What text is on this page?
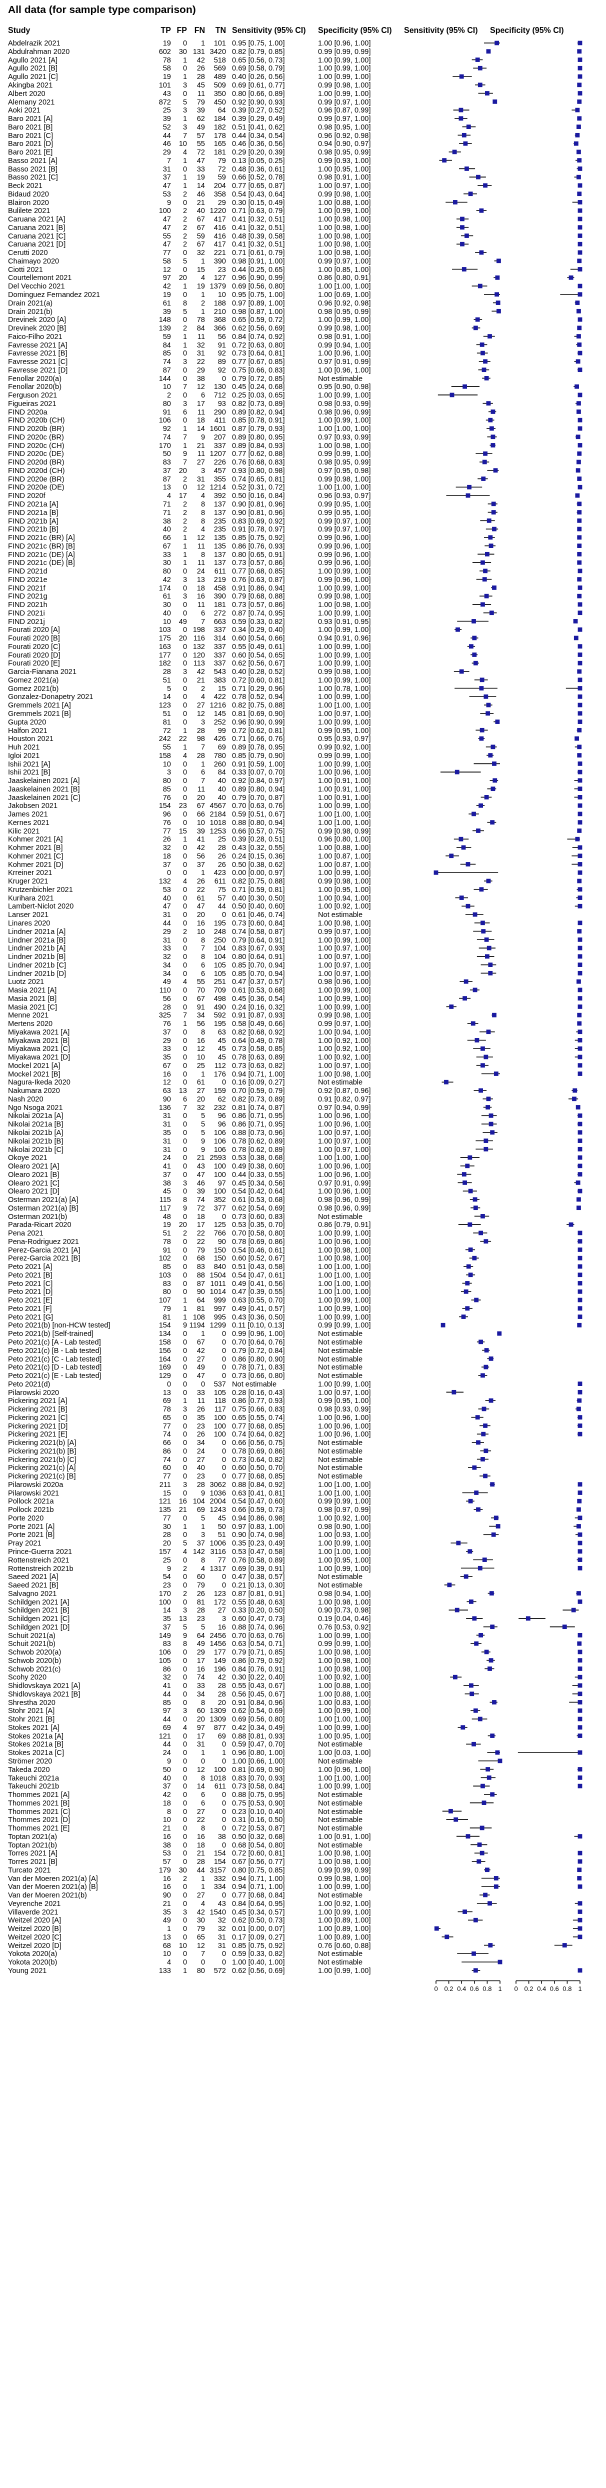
All data (for sample type comparison)
Study	TP FP FN TN Sensitivity (95% CI) Specificity (95% CI) Sensitivity (95% CI) Specificity (95% CI)
Abdelrazik 2021	19 0 1 101 0.95 [0.75, 1.00]	1.00 [0.96, 1.00]
Abdulrahman 2020	602 30 131 3420 0.82 [0.79, 0.85]	0.99 [0.99, 0.99]
Agullo 2021 [A]	78 1 42 518 0.65 [0.56, 0.73]	1.00 [0.99, 1.00]
Agullo 2021 [B]	58 0 26 569 0.69 [0.58, 0.79]	1.00 [0.99, 1.00]
Agullo 2021 [C]	19 1 28 489 0.40 [0.26, 0.56]	1.00 [0.99, 1.00]
Akingba 2021	101 3 45 509 0.69 [0.61, 0.77]	0.99 [0.98, 1.00]
Albert 2020	43 0 11 350 0.80 [0.66, 0.89]	1.00 [0.99, 1.00]
Alemany 2021	872 5 79 450 0.92 [0.90, 0.93]	0.99 [0.97, 1.00]
Aoki 2021	25 3 39 64 0.39 [0.27, 0.52]	0.96 [0.87, 0.99]
Baro 2021 [A]	39 1 62 184 0.39 [0.29, 0.49]	0.99 [0.97, 1.00]
Baro 2021 [B]	52 3 49 182 0.51 [0.41, 0.62]	0.98 [0.95, 1.00]
Baro 2021 [C]	44 7 57 178 0.44 [0.34, 0.54]	0.96 [0.92, 0.98]
Baro 2021 [D]	46 10 55 165 0.46 [0.36, 0.56]	0.94 [0.90, 0.97]
Baro 2021 [E]	29 4 72 181 0.29 [0.20, 0.39]	0.98 [0.95, 0.99]
Basso 2021 [A]	7 1 47 79 0.13 [0.05, 0.25]	0.99 [0.93, 1.00]
Basso 2021 [B]	31 0 33 72 0.48 [0.36, 0.61]	1.00 [0.95, 1.00]
Basso 2021 [C]	37 1 19 59 0.66 [0.52, 0.78]	0.98 [0.91, 1.00]
Beck 2021	47 1 14 204 0.77 [0.65, 0.87]	1.00 [0.97, 1.00]
Bidaud 2020	53 2 46 358 0.54 [0.43, 0.64]	0.99 [0.98, 1.00]
Blairon 2020	9 0 21 29 0.30 [0.15, 0.49]	1.00 [0.88, 1.00]
Bulilete 2021	100 2 40 1220 0.71 [0.63, 0.79]	1.00 [0.99, 1.00]
Caruana 2021 [A]	47 2 67 417 0.41 [0.32, 0.51]	1.00 [0.98, 1.00]
Caruana 2021 [B]	47 2 67 416 0.41 [0.32, 0.51]	1.00 [0.98, 1.00]
Caruana 2021 [C]	55 2 59 416 0.48 [0.39, 0.58]	1.00 [0.98, 1.00]
Caruana 2021 [D]	47 2 67 417 0.41 [0.32, 0.51]	1.00 [0.98, 1.00]
Cerutti 2020	77 0 32 221 0.71 [0.61, 0.79]	1.00 [0.98, 1.00]
Chaimayo 2020	58 5 1 390 0.98 [0.91, 1.00]	0.99 [0.97, 1.00]
Ciotti 2021	12 0 15 23 0.44 [0.25, 0.65]	1.00 [0.85, 1.00]
Courtellemont 2021	97 20 4 127 0.96 [0.90, 0.99]	0.86 [0.80, 0.91]
Del Vecchio 2021	42 1 19 1379 0.69 [0.56, 0.80]	1.00 [1.00, 1.00]
Dominguez Fernandez 2021	19 0 1 10 0.95 [0.75, 1.00]	1.00 [0.69, 1.00]
Drain 2021(a)	61 8 2 188 0.97 [0.89, 1.00]	0.96 [0.92, 0.98]
Drain 2021(b)	39 5 1 210 0.98 [0.87, 1.00]	0.98 [0.95, 0.99]
Drevinek 2020 [A]	148 0 78 368 0.65 [0.59, 0.72]	1.00 [0.99, 1.00]
Drevinek 2020 [B]	139 2 84 366 0.62 [0.56, 0.69]	0.99 [0.98, 1.00]
Faico-Filho 2021	59 1 11 56 0.84 [0.74, 0.92]	0.98 [0.91, 1.00]
Favresse 2021 [A]	84 1 32 91 0.72 [0.63, 0.80]	0.99 [0.94, 1.00]
Favresse 2021 [B]	85 0 31 92 0.73 [0.64, 0.81]	1.00 [0.96, 1.00]
Favresse 2021 [C]	74 3 22 89 0.77 [0.67, 0.85]	0.97 [0.91, 0.99]
Favresse 2021 [D]	87 0 29 92 0.75 [0.66, 0.83]	1.00 [0.96, 1.00]
Fenollar 2020(a)	144 0 38 0 0.79 [0.72, 0.85]	Not estimable
Fenollar 2020(b)	10 7 12 130 0.45 [0.24, 0.68]	0.95 [0.90, 0.98]
Ferguson 2021	2 0 6 712 0.25 [0.03, 0.65]	1.00 [0.99, 1.00]
Figueiras 2021	80 3 17 93 0.82 [0.73, 0.89]	0.98 [0.93, 0.99]
FIND 2020a	91 6 11 290 0.89 [0.82, 0.94]	0.98 [0.96, 0.99]
FIND 2020b (CH)	106 0 18 411 0.85 [0.78, 0.91]	1.00 [0.99, 1.00]
FIND 2020b (BR)	92 1 14 1601 0.87 [0.79, 0.93]	1.00 [1.00, 1.00]
FIND 2020c (BR)	74 7 9 207 0.89 [0.80, 0.95]	0.97 [0.93, 0.99]
FIND 2020c (CH)	170 1 21 337 0.89 [0.84, 0.93]	1.00 [0.98, 1.00]
FIND 2020c (DE)	50 9 11 1207 0.77 [0.62, 0.88]	0.99 [0.99, 1.00]
FIND 2020d (BR)	83 7 27 226 0.76 [0.68, 0.83]	0.98 [0.95, 0.99]
FIND 2020d (CH)	37 20 3 457 0.93 [0.80, 0.98]	0.97 [0.95, 0.98]
FIND 2020e (BR)	87 2 31 355 0.74 [0.65, 0.81]	0.99 [0.98, 1.00]
FIND 2020e (DE)	13 0 12 1214 0.52 [0.31, 0.72]	1.00 [1.00, 1.00]
FIND 2020f	4 17 4 392 0.50 [0.16, 0.84]	0.96 [0.93, 0.97]
FIND 2021a [A]	71 2 8 137 0.90 [0.81, 0.96]	0.99 [0.95, 1.00]
FIND 2021a [B]	71 2 8 137 0.90 [0.81, 0.96]	0.99 [0.95, 1.00]
FIND 2021b [A]	38 2 8 235 0.83 [0.69, 0.92]	0.99 [0.97, 1.00]
FIND 2021b [B]	40 2 4 235 0.91 [0.78, 0.97]	0.99 [0.97, 1.00]
FIND 2021c (BR) [A]	66 1 12 135 0.85 [0.75, 0.92]	0.99 [0.96, 1.00]
FIND 2021c (BR) [B]	67 1 11 135 0.86 [0.76, 0.93]	0.99 [0.96, 1.00]
FIND 2021c (DE) [A]	33 1 8 137 0.80 [0.65, 0.91]	0.99 [0.96, 1.00]
FIND 2021c (DE) [B]	30 1 11 137 0.73 [0.57, 0.86]	0.99 [0.96, 1.00]
FIND 2021d	80 0 24 611 0.77 [0.68, 0.85]	1.00 [0.99, 1.00]
FIND 2021e	42 3 13 219 0.76 [0.63, 0.87]	0.99 [0.96, 1.00]
FIND 2021f	174 0 18 458 0.91 [0.86, 0.94]	1.00 [0.99, 1.00]
FIND 2021g	61 3 16 390 0.79 [0.68, 0.88]	0.99 [0.98, 1.00]
FIND 2021h	30 0 11 181 0.73 [0.57, 0.86]	1.00 [0.98, 1.00]
FIND 2021i	40 0 6 272 0.87 [0.74, 0.95]	1.00 [0.99, 1.00]
FIND 2021j	10 49 7 663 0.59 [0.33, 0.82]	0.93 [0.91, 0.95]
Fourati 2020 [A]	103 0 198 337 0.34 [0.29, 0.40]	1.00 [0.99, 1.00]
Fourati 2020 [B]	175 20 116 314 0.60 [0.54, 0.66]	0.94 [0.91, 0.96]
Fourati 2020 [C]	163 0 132 337 0.55 [0.49, 0.61]	1.00 [0.99, 1.00]
Fourati 2020 [D]	177 0 120 337 0.60 [0.54, 0.65]	1.00 [0.99, 1.00]
Fourati 2020 [E]	182 0 113 337 0.62 [0.56, 0.67]	1.00 [0.99, 1.00]
Garcia-Fianana 2021	28 3 42 543 0.40 [0.28, 0.52]	0.99 [0.98, 1.00]
Gomez 2021(a)	51 0 21 383 0.72 [0.60, 0.81]	1.00 [0.99, 1.00]
Gomez 2021(b)	5 0 2 15 0.71 [0.29, 0.96]	1.00 [0.78, 1.00]
Gonzalez-Donapetry 2021	14 0 4 422 0.78 [0.52, 0.94]	1.00 [0.99, 1.00]
Gremmels 2021 [A]	123 0 27 1216 0.82 [0.75, 0.88]	1.00 [1.00, 1.00]
Gremmels 2021 [B]	51 0 12 145 0.81 [0.69, 0.90]	1.00 [0.97, 1.00]
Gupta 2020	81 0 3 252 0.96 [0.90, 0.99]	1.00 [0.99, 1.00]
Halfon 2021	72 1 28 99 0.72 [0.62, 0.81]	0.99 [0.95, 1.00]
Houston 2021	242 22 98 426 0.71 [0.66, 0.76]	0.95 [0.93, 0.97]
Huh 2021	55 1 7 69 0.89 [0.78, 0.95]	0.99 [0.92, 1.00]
Igloi 2021	158 4 28 780 0.85 [0.79, 0.90]	0.99 [0.99, 1.00]
Ishii 2021 [A]	10 0 1 260 0.91 [0.59, 1.00]	1.00 [0.99, 1.00]
Ishii 2021 [B]	3 0 6 84 0.33 [0.07, 0.70]	1.00 [0.96, 1.00]
Jaaskelainen 2021 [A]	80 0 7 40 0.92 [0.84, 0.97]	1.00 [0.91, 1.00]
Jaaskelainen 2021 [B]	85 0 11 40 0.89 [0.80, 0.94]	1.00 [0.91, 1.00]
Jaaskelainen 2021 [C]	76 0 20 40 0.79 [0.70, 0.87]	1.00 [0.91, 1.00]
Jakobsen 2021	154 23 67 4567 0.70 [0.63, 0.76]	1.00 [0.99, 1.00]
James 2021	96 0 66 2184 0.59 [0.51, 0.67]	1.00 [1.00, 1.00]
Kernes 2021	76 0 10 1018 0.88 [0.80, 0.94]	1.00 [1.00, 1.00]
Kilic 2021	77 15 39 1253 0.66 [0.57, 0.75]	0.99 [0.98, 0.99]
Kohmer 2021 [A]	26 1 41 25 0.39 [0.28, 0.51]	0.96 [0.80, 1.00]
Kohmer 2021 [B]	32 0 42 28 0.43 [0.32, 0.55]	1.00 [0.88, 1.00]
Kohmer 2021 [C]	18 0 56 26 0.24 [0.15, 0.36]	1.00 [0.87, 1.00]
Kohmer 2021 [D]	37 0 37 26 0.50 [0.38, 0.62]	1.00 [0.87, 1.00]
Krreiner 2021	0 0 1 423 0.00 [0.00, 0.97]	1.00 [0.99, 1.00]
Kruger 2021	132 4 26 611 0.82 [0.75, 0.88]	0.99 [0.98, 1.00]
Krutzenbichler 2021	53 0 22 75 0.71 [0.59, 0.81]	1.00 [0.95, 1.00]
Kurihara 2021	40 0 61 57 0.40 [0.30, 0.50]	1.00 [0.94, 1.00]
Lambert-Niclot 2020	47 0 47 44 0.50 [0.40, 0.60]	1.00 [0.92, 1.00]
Lanser 2021	31 0 20 0 0.61 [0.46, 0.74]	Not estimable
Linares 2020	44 0 16 195 0.73 [0.60, 0.84]	1.00 [0.98, 1.00]
Lindner 2021a [A]	29 2 10 248 0.74 [0.58, 0.87]	0.99 [0.97, 1.00]
Lindner 2021a [B]	31 0 8 250 0.79 [0.64, 0.91]	1.00 [0.99, 1.00]
Lindner 2021b [A]	33 0 7 104 0.83 [0.67, 0.93]	1.00 [0.97, 1.00]
Lindner 2021b [B]	32 0 8 104 0.80 [0.64, 0.91]	1.00 [0.97, 1.00]
Lindner 2021b [C]	34 0 6 105 0.85 [0.70, 0.94]	1.00 [0.97, 1.00]
Lindner 2021b [D]	34 0 6 105 0.85 [0.70, 0.94]	1.00 [0.97, 1.00]
Luotz 2021	49 4 55 251 0.47 [0.37, 0.57]	0.98 [0.96, 1.00]
Masia 2021 [A]	110 0 70 709 0.61 [0.53, 0.68]	1.00 [0.99, 1.00]
Masia 2021 [B]	56 0 67 498 0.45 [0.36, 0.54]	1.00 [0.99, 1.00]
Masia 2021 [C]	28 0 91 490 0.24 [0.16, 0.32]	1.00 [0.99, 1.00]
Menne 2021	325 7 34 592 0.91 [0.87, 0.93]	0.99 [0.98, 1.00]
Mertens 2020	76 1 56 195 0.58 [0.49, 0.66]	0.99 [0.97, 1.00]
Miyakawa 2021 [A]	37 0 8 63 0.82 [0.68, 0.92]	1.00 [0.94, 1.00]
Miyakawa 2021 [B]	29 0 16 45 0.64 [0.49, 0.78]	1.00 [0.92, 1.00]
Miyakawa 2021 [C]	33 0 12 45 0.73 [0.58, 0.85]	1.00 [0.92, 1.00]
Miyakawa 2021 [D]	35 0 10 45 0.78 [0.63, 0.89]	1.00 [0.92, 1.00]
Mockel 2021 [A]	67 0 25 112 0.73 [0.63, 0.82]	1.00 [0.97, 1.00]
Mockel 2021 [B]	16 0 1 176 0.94 [0.71, 1.00]	1.00 [0.98, 1.00]
Nagura-Ikeda 2020	12 0 61 0 0.16 [0.09, 0.27]	Not estimable
Nakumara 2020	63 13 27 159 0.70 [0.59, 0.79]	0.92 [0.87, 0.96]
Nash 2020	90 6 20 62 0.82 [0.73, 0.89]	0.91 [0.82, 0.97]
Ngo Nsoga 2021	136 7 32 232 0.81 [0.74, 0.87]	0.97 [0.94, 0.99]
Nikolai 2021a [A]	31 0 5 96 0.86 [0.71, 0.95]	1.00 [0.96, 1.00]
Nikolai 2021a [B]	31 0 5 96 0.86 [0.71, 0.95]	1.00 [0.96, 1.00]
Nikolai 2021b [A]	35 0 5 106 0.88 [0.73, 0.96]	1.00 [0.97, 1.00]
Nikolai 2021b [B]	31 0 9 106 0.78 [0.62, 0.89]	1.00 [0.97, 1.00]
Nikolai 2021b [C]	31 0 9 106 0.78 [0.62, 0.89]	1.00 [0.97, 1.00]
Okoye 2021	24 0 21 2593 0.53 [0.38, 0.68]	1.00 [1.00, 1.00]
Olearo 2021 [A]	41 0 43 100 0.49 [0.38, 0.60]	1.00 [0.96, 1.00]
Olearo 2021 [B]	37 0 47 100 0.44 [0.33, 0.55]	1.00 [0.96, 1.00]
Olearo 2021 [C]	38 3 46 97 0.45 [0.34, 0.56]	0.97 [0.91, 0.99]
Olearo 2021 [D]	45 0 39 100 0.54 [0.42, 0.64]	1.00 [0.96, 1.00]
Osterman 2021(a) [A]	115 8 74 352 0.61 [0.53, 0.68]	0.98 [0.96, 0.99]
Osterman 2021(a) [B]	117 9 72 377 0.62 [0.54, 0.69]	0.98 [0.96, 0.99]
Osterman 2021(b)	48 0 18 0 0.73 [0.60, 0.83]	Not estimable
Parada-Ricart 2020	19 20 17 125 0.53 [0.35, 0.70]	0.86 [0.79, 0.91]
Pena 2021	51 2 22 766 0.70 [0.58, 0.80]	1.00 [0.99, 1.00]
Pena-Rodriguez 2021	78 0 22 90 0.78 [0.69, 0.86]	1.00 [0.96, 1.00]
Perez-Garcia 2021 [A]	91 0 79 150 0.54 [0.46, 0.61]	1.00 [0.98, 1.00]
Perez-Garcia 2021 [B]	102 0 68 150 0.60 [0.52, 0.67]	1.00 [0.98, 1.00]
Peto 2021 [A]	85 0 83 840 0.51 [0.43, 0.58]	1.00 [1.00, 1.00]
Peto 2021 [B]	103 0 88 1504 0.54 [0.47, 0.61]	1.00 [1.00, 1.00]
Peto 2021 [C]	83 0 87 1011 0.49 [0.41, 0.56]	1.00 [1.00, 1.00]
Peto 2021 [D]	80 0 90 1014 0.47 [0.39, 0.55]	1.00 [1.00, 1.00]
Peto 2021 [E]	107 1 64 999 0.63 [0.55, 0.70]	1.00 [0.99, 1.00]
Peto 2021 [F]	79 1 81 997 0.49 [0.41, 0.57]	1.00 [0.99, 1.00]
Peto 2021 [G]	81 1 108 995 0.43 [0.36, 0.50]	1.00 [0.99, 1.00]
Peto 2021(b) [non-HCW tested]	154 9 1194 1299 0.11 [0.10, 0.13]	0.99 [0.99, 1.00]
Peto 2021(b) [Self-trained]	134 0 1 0 0.99 [0.96, 1.00]	Not estimable
Peto 2021(c) [A - Lab tested]	158 0 67 0 0.70 [0.64, 0.76]	Not estimable
Peto 2021(c) [B - Lab tested]	156 0 42 0 0.79 [0.72, 0.84]	Not estimable
Peto 2021(c) [C - Lab tested]	164 0 27 0 0.86 [0.80, 0.90]	Not estimable
Peto 2021(c) [D - Lab tested]	169 0 49 0 0.78 [0.71, 0.83]	Not estimable
Peto 2021(c) [E - Lab tested]	129 0 47 0 0.73 [0.66, 0.80]	Not estimable
Peto 2021(d)	0 0 0 537 Not estimable	1.00 [0.99, 1.00]
Pilarowski 2020	13 0 33 105 0.28 [0.16, 0.43]	1.00 [0.97, 1.00]
Pickering 2021 [A]	69 1 11 118 0.86 [0.77, 0.93]	0.99 [0.95, 1.00]
Pickering 2021 [B]	78 3 26 117 0.75 [0.66, 0.83]	0.98 [0.93, 0.99]
Pickering 2021 [C]	65 0 35 100 0.65 [0.55, 0.74]	1.00 [0.96, 1.00]
Pickering 2021 [D]	77 0 23 100 0.77 [0.68, 0.85]	1.00 [0.96, 1.00]
Pickering 2021 [E]	74 0 26 100 0.74 [0.64, 0.82]	1.00 [0.96, 1.00]
Pickering 2021(b) [A]	66 0 34 0 0.66 [0.56, 0.75]	Not estimable
Pickering 2021(b) [B]	86 0 24 0 0.78 [0.69, 0.86]	Not estimable
Pickering 2021(b) [C]	74 0 27 0 0.73 [0.64, 0.82]	Not estimable
Pickering 2021(c) [A]	60 0 40 0 0.60 [0.50, 0.70]	Not estimable
Pickering 2021(c) [B]	77 0 23 0 0.77 [0.68, 0.85]	Not estimable
Pilarowski 2020a	211 3 28 3062 0.88 [0.84, 0.92]	1.00 [1.00, 1.00]
Pilarowski 2021	15 0 9 1036 0.63 [0.41, 0.81]	1.00 [1.00, 1.00]
Pollock 2021a	121 16 104 2004 0.54 [0.47, 0.60]	0.99 [0.99, 1.00]
Pollock 2021b	135 21 69 1243 0.66 [0.59, 0.73]	0.98 [0.97, 0.99]
Porte 2020	77 0 5 45 0.94 [0.86, 0.98]	1.00 [0.92, 1.00]
Porte 2021 [A]	30 1 1 50 0.97 [0.83, 1.00]	0.98 [0.90, 1.00]
Porte 2021 [B]	28 0 3 51 0.90 [0.74, 0.98]	1.00 [0.93, 1.00]
Pray 2021	20 5 37 1006 0.35 [0.23, 0.49]	1.00 [0.99, 1.00]
Prince-Guerra 2021	157 4 142 3116 0.53 [0.47, 0.58]	1.00 [1.00, 1.00]
Rottenstreich 2021	25 0 8 77 0.76 [0.58, 0.89]	1.00 [0.95, 1.00]
Rottenstreich 2021b	9 2 4 1317 0.69 [0.39, 0.91]	1.00 [0.99, 1.00]
Saeed 2021 [A]	54 0 60 0 0.47 [0.38, 0.57]	Not estimable
Saeed 2021 [B]	23 0 79 0 0.21 [0.13, 0.30]	Not estimable
Salvagno 2021	170 2 26 123 0.87 [0.81, 0.91]	0.98 [0.94, 1.00]
Schildgen 2021 [A]	100 0 81 172 0.55 [0.48, 0.63]	1.00 [0.98, 1.00]
Schildgen 2021 [B]	14 3 28 27 0.33 [0.20, 0.50]	0.90 [0.73, 0.98]
Schildgen 2021 [C]	35 13 23 3 0.60 [0.47, 0.73]	0.19 [0.04, 0.46]
Schildgen 2021 [D]	37 5 5 16 0.88 [0.74, 0.96]	0.76 [0.53, 0.92]
Schuit 2021(a)	149 9 64 2456 0.70 [0.63, 0.76]	1.00 [0.99, 1.00]
Schuit 2021(b)	83 8 49 1456 0.63 [0.54, 0.71]	0.99 [0.99, 1.00]
Schwob 2020(a)	106 0 29 177 0.79 [0.71, 0.85]	1.00 [0.98, 1.00]
Schwob 2020(b)	105 0 17 149 0.86 [0.79, 0.92]	1.00 [0.98, 1.00]
Schwob 2021(c)	86 0 16 196 0.84 [0.76, 0.91]	1.00 [0.98, 1.00]
Scohy 2020	32 0 74 42 0.30 [0.22, 0.40]	1.00 [0.92, 1.00]
Shidlovskaya 2021 [A]	41 0 33 28 0.55 [0.43, 0.67]	1.00 [0.88, 1.00]
Shidlovskaya 2021 [B]	44 0 34 28 0.56 [0.45, 0.67]	1.00 [0.88, 1.00]
Shrestha 2020	85 0 8 20 0.91 [0.84, 0.96]	1.00 [0.83, 1.00]
Stohr 2021 [A]	97 3 60 1309 0.62 [0.54, 0.69]	1.00 [0.99, 1.00]
Stohr 2021 [B]	44 0 20 1309 0.69 [0.56, 0.80]	1.00 [1.00, 1.00]
Stokes 2021 [A]	69 4 97 877 0.42 [0.34, 0.49]	1.00 [0.99, 1.00]
Stokes 2021a [A]	121 0 17 69 0.88 [0.81, 0.93]	1.00 [0.95, 1.00]
Stokes 2021a [B]	44 0 31 0 0.59 [0.47, 0.70]	Not estimable
Stokes 2021a [C]	24 0 1 1 0.96 [0.80, 1.00]	1.00 [0.03, 1.00]
Strömer 2020	9 0 0 0 1.00 [0.66, 1.00]	Not estimable
Takeda 2020	50 0 12 100 0.81 [0.69, 0.90]	1.00 [0.96, 1.00]
Takeuchi 2021a	40 0 8 1018 0.83 [0.70, 0.93]	1.00 [1.00, 1.00]
Takeuchi 2021b	37 0 14 611 0.73 [0.58, 0.84]	1.00 [0.99, 1.00]
Thommes 2021 [A]	42 0 6 0 0.88 [0.75, 0.95]	Not estimable
Thommes 2021 [B]	18 0 6 0 0.75 [0.53, 0.90]	Not estimable
Thommes 2021 [C]	8 0 27 0 0.23 [0.10, 0.40]	Not estimable
Thommes 2021 [D]	10 0 22 0 0.31 [0.16, 0.50]	Not estimable
Thommes 2021 [E]	21 0 8 0 0.72 [0.53, 0.87]	Not estimable
Toptan 2021(a)	16 0 16 38 0.50 [0.32, 0.68]	1.00 [0.91, 1.00]
Toptan 2021(b)	38 0 18 0 0.68 [0.54, 0.80]	Not estimable
Torres 2021 [A]	53 0 21 154 0.72 [0.60, 0.81]	1.00 [0.98, 1.00]
Torres 2021 [B]	57 0 28 154 0.67 [0.56, 0.77]	1.00 [0.98, 1.00]
Turcato 2021	179 30 44 3157 0.80 [0.75, 0.85]	0.99 [0.99, 0.99]
Van der Moeren 2021(a) [A]	16 2 1 332 0.94 [0.71, 1.00]	0.99 [0.98, 1.00]
Van der Moeren 2021(a) [B]	16 0 1 334 0.94 [0.71, 1.00]	1.00 [0.99, 1.00]
Van der Moeren 2021(b)	90 0 27 0 0.77 [0.68, 0.84]	Not estimable
Veyrenche 2021	21 0 4 43 0.84 [0.64, 0.95]	1.00 [0.92, 1.00]
Villaverde 2021	35 3 42 1540 0.45 [0.34, 0.57]	1.00 [0.99, 1.00]
Weitzel 2020 [A]	49 0 30 32 0.62 [0.50, 0.73]	1.00 [0.89, 1.00]
Weitzel 2020 [B]	1 0 79 32 0.01 [0.00, 0.07]	1.00 [0.89, 1.00]
Weitzel 2020 [C]	13 0 65 31 0.17 [0.09, 0.27]	1.00 [0.89, 1.00]
Weitzel 2020 [D]	68 10 12 31 0.85 [0.75, 0.92]	0.76 [0.60, 0.88]
Yokota 2020(a)	10 0 7 0 0.59 [0.33, 0.82]	Not estimable
Yokota 2020(b)	4 0 0 0 1.00 [0.40, 1.00]	Not estimable
Young 2021	133 1 80 572 0.62 [0.56, 0.69]	1.00 [0.99, 1.00]
0 0.2 0.4 0.6 0.8 1 0 0.2 0.4 0.6 0.8 1
